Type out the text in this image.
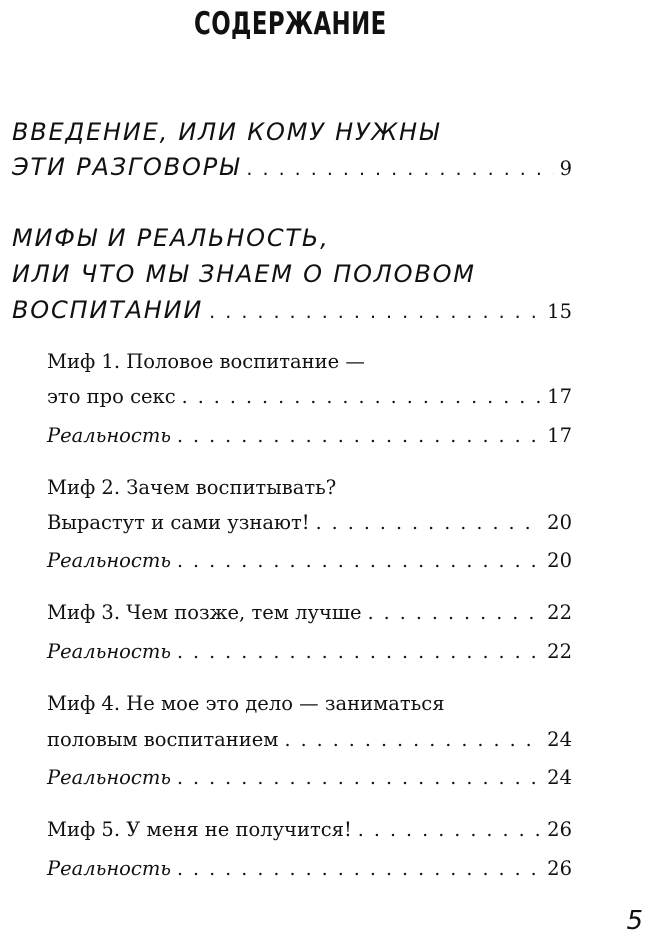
СОДЕРЖАНИЕ
ВВЕДЕНИЕ, ИЛИ КОМУ НУЖНЫ
ЭТИ РАЗГОВОРЫ . . .	9
МИФЫ И РЕАЛЬНОСТЬ,
ИЛИ ЧТО МЫ ЗНАЕМ О ПОЛОВОМ
ВОСПИТАНИИ . . .	15
Миф 1. Половое воспитание —
это про секс . . .	17
Реальность . . .	17
Миф 2. Зачем воспитывать?
Вырастут и сами узнают! . . .	20
Реальность . . .	20
Миф 3. Чем позже, тем лучше . . .	22
Реальность . . .	22
Миф 4. Не мое это дело — заниматься
половым воспитанием . . .	24
Реальность . . .	24
Миф 5. У меня не получится! . . .	26
Реальность . . .	26
5
